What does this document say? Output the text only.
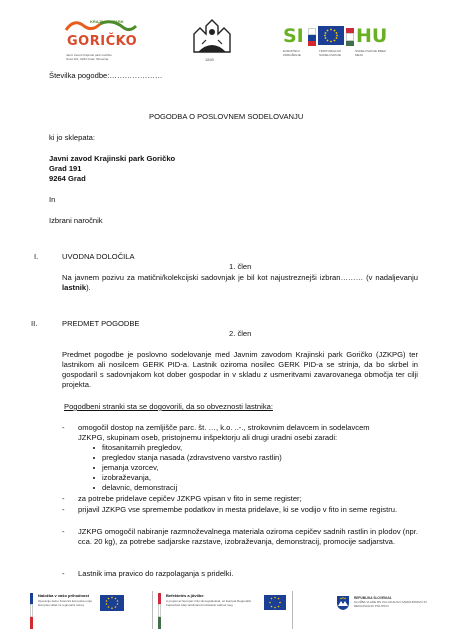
KRAJINSKI PARK
GORIČKO
Javni zavod Krajinski park Goričko
Grad 191, 9264 Grad, Slovenija	1840
SI	HU
EVROPSKO ZDRUŽENJE
TERITORIALNO SODELOVANJE
SODELOVANJE BREZ MEJA
Številka pogodbe:…………………
POGODBA O POSLOVNEM SODELOVANJU
ki jo sklepata:
Javni zavod Krajinski park Goričko
Grad 191
9264 Grad
In
Izbrani naročnik
I.	UVODNA DOLOČILA
1. člen
Na javnem pozivu za matični/kolekcijski sadovnjak je bil kot najustreznejši izbran……… (v nadaljevanju lastnik).
II.	PREDMET POGODBE
2. člen
Predmet pogodbe je poslovno sodelovanje med Javnim zavodom Krajinski park Goričko (JZKPG) ter lastnikom ali nosilcem GERK PID-a. Lastnik oziroma nosilec GERK PID-a se strinja, da bo skrbel in gospodaril s sadovnjakom kot dober gospodar in v skladu z usmeritvami zavarovanega območja ter cilji projekta.
Pogodbeni stranki sta se dogovorili, da so obveznosti lastnika:
- omogočil dostop na zemljišče parc. št. …, k.o. ..-., strokovnim delavcem in sodelavcem
JZKPG, skupinam oseb, pristojnemu inšpektorju ali drugi uradni osebi zaradi:
fitosanitarnih pregledov,
pregledov stanja nasada (zdravstveno varstvo rastlin)
jemanja vzorcev,
izobraževanja,
delavnic, demonstracij
- za potrebe pridelave cepičev JZKPG vpisan v fito in seme register;
- prijavil JZKPG vse spremembe podatkov in mesta pridelave, ki se vodijo v fito in seme registru.
- JZKPG omogočil nabiranje razmnoževalnega materiala oziroma cepičev sadnih rastlin in plodov (npr. cca. 20 kg), za potrebe sadjarske razstave, izobraževanja, demonstracij, promocije sadjarstva.
- Lastnik ima pravico do razpolaganja s pridelki.
Naložba v vašo prihodnost
Operacijo delno financira Evropska unija Evropski sklad za regionalni razvoj
Befektetés a jövőbe
A projekt az Európai Unió támogatásával, az Európai Regionális Fejlesztési Alap társfinanszírozásával valósul meg
REPUBLIKA SLOVENIJA
SLUŽBA VLADE RS ZA LOKALNO SAMOUPRAVO IN REGIONALNO POLITIKO
